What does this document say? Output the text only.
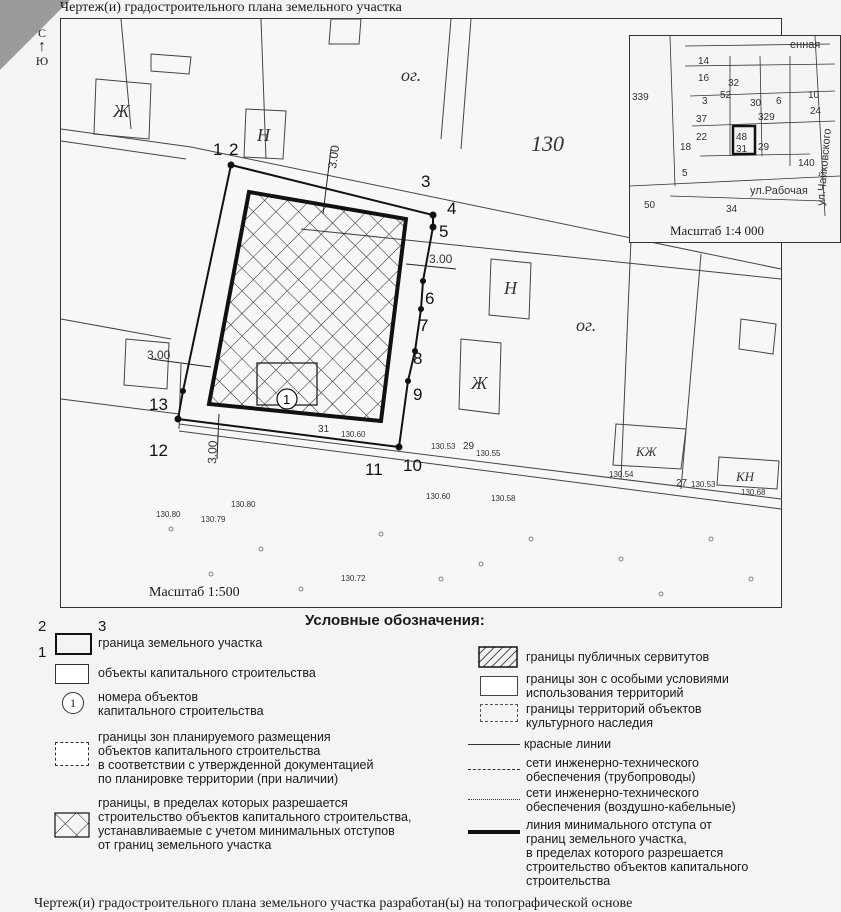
Чертеж(и) градостроительного плана земельного участка
С
↑
Ю
ог.
ог.
Ж
Н
Н
Ж
КЖ
КН
130
1
3.00
3.00
3.00
3.00
1 2
3
4
5
6
7
8
9
10
11
12
13
31
29
27
130.60
130.53
130.55
130.54
130.53
130.68
130.60	130.58
130.80
130.79
130.80
130.72
Масштаб 1:500
14
16 32
3
52
30 6
10
24
37	329
22
339
48
18	31 29
140
5
50	34
ул.Рабочая ул.Чайковского
енная
Масштаб 1:4 000
Условные обозначения:
2	3
1
граница земельного участка
объекты капитального строительства
1	номера объектов
капитального строительства
границы зон планируемого размещения
объектов капитального строительства
в соответствии с утвержденной документацией
по планировке территории (при наличии)
границы, в пределах которых разрешается
строительство объектов капитального строительства,
устанавливаемые с учетом минимальных отступов
от границ земельного участка
границы публичных сервитутов
границы зон с особыми условиями
использования территорий
границы территорий объектов
культурного наследия
красные линии
сети инженерно-технического
обеспечения (трубопроводы)
сети инженерно-технического
обеспечения (воздушно-кабельные)
линия минимального отступа от
границ земельного участка,
в пределах которого разрешается
строительство объектов капитального
строительства
Чертеж(и) градостроительного плана земельного участка разработан(ы) на топографической основе
